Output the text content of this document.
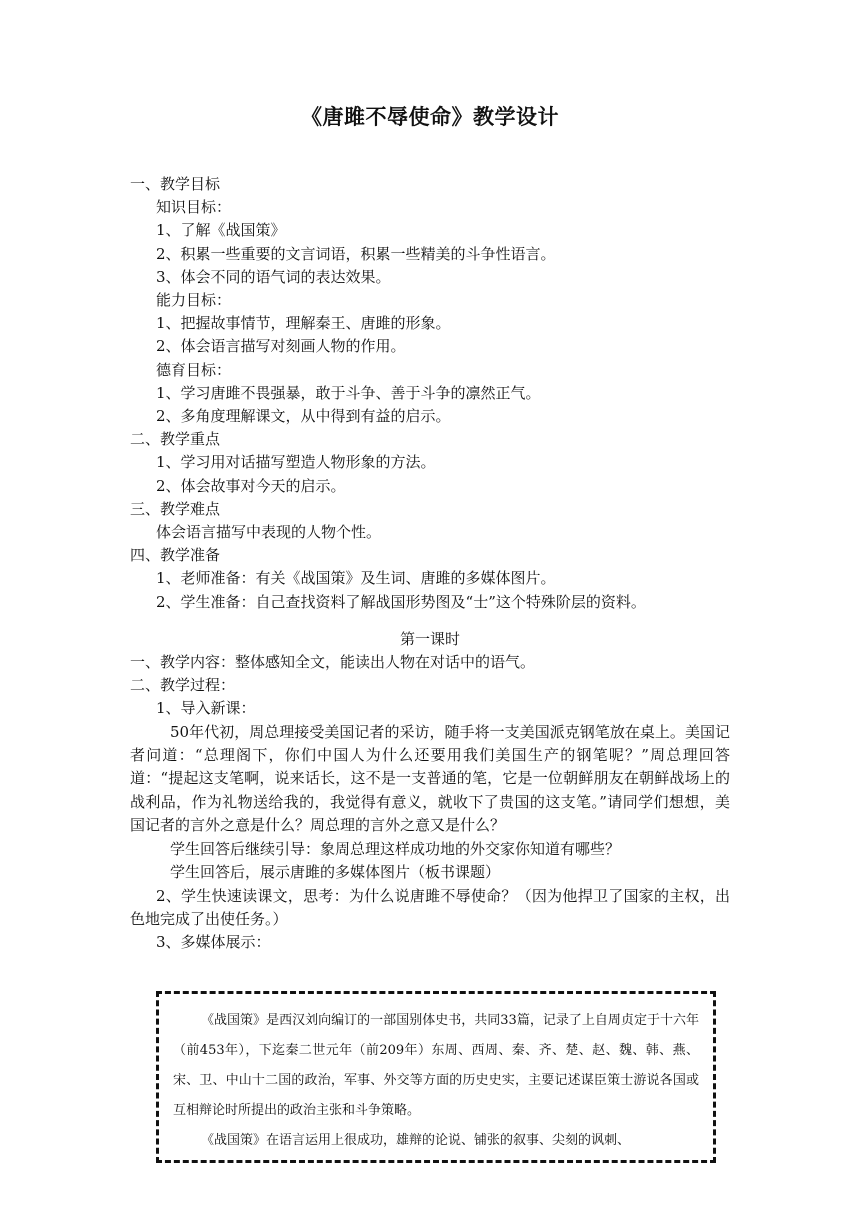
《唐雎不辱使命》教学设计

一、教学目标

知识目标：

1、了解《战国策》

2、积累一些重要的文言词语，积累一些精美的斗争性语言。

3、体会不同的语气词的表达效果。

能力目标：

1、把握故事情节，理解秦王、唐雎的形象。

2、体会语言描写对刻画人物的作用。

德育目标：

1、学习唐雎不畏强暴，敢于斗争、善于斗争的凛然正气。

2、多角度理解课文，从中得到有益的启示。

二、教学重点

1、学习用对话描写塑造人物形象的方法。

2、体会故事对今天的启示。

三、教学难点

体会语言描写中表现的人物个性。

四、教学准备

1、老师准备：有关《战国策》及生词、唐雎的多媒体图片。

2、学生准备：自己查找资料了解战国形势图及“士”这个特殊阶层的资料。

第一课时

一、教学内容：整体感知全文，能读出人物在对话中的语气。

二、教学过程：

1、导入新课：

50年代初，周总理接受美国记者的采访，随手将一支美国派克钢笔放在桌上。美国记者问道：“总理阁下，你们中国人为什么还要用我们美国生产的钢笔呢？”周总理回答道：“提起这支笔啊，说来话长，这不是一支普通的笔，它是一位朝鲜朋友在朝鲜战场上的战利品，作为礼物送给我的，我觉得有意义，就收下了贵国的这支笔。”请同学们想想，美国记者的言外之意是什么？周总理的言外之意又是什么？

学生回答后继续引导：象周总理这样成功地的外交家你知道有哪些？

学生回答后，展示唐雎的多媒体图片（板书课题）

2、学生快速读课文，思考：为什么说唐雎不辱使命？（因为他捍卫了国家的主权，出色地完成了出使任务。）

3、多媒体展示：

《战国策》是西汉刘向编订的一部国别体史书，共同33篇，记录了上自周贞定于十六年（前453年），下迄秦二世元年（前209年）东周、西周、秦、齐、楚、赵、魏、韩、燕、宋、卫、中山十二国的政治，军事、外交等方面的历史史实，主要记述谋臣策士游说各国或互相辩论时所提出的政治主张和斗争策略。

《战国策》在语言运用上很成功，雄辩的论说、铺张的叙事、尖刻的讽刺、
